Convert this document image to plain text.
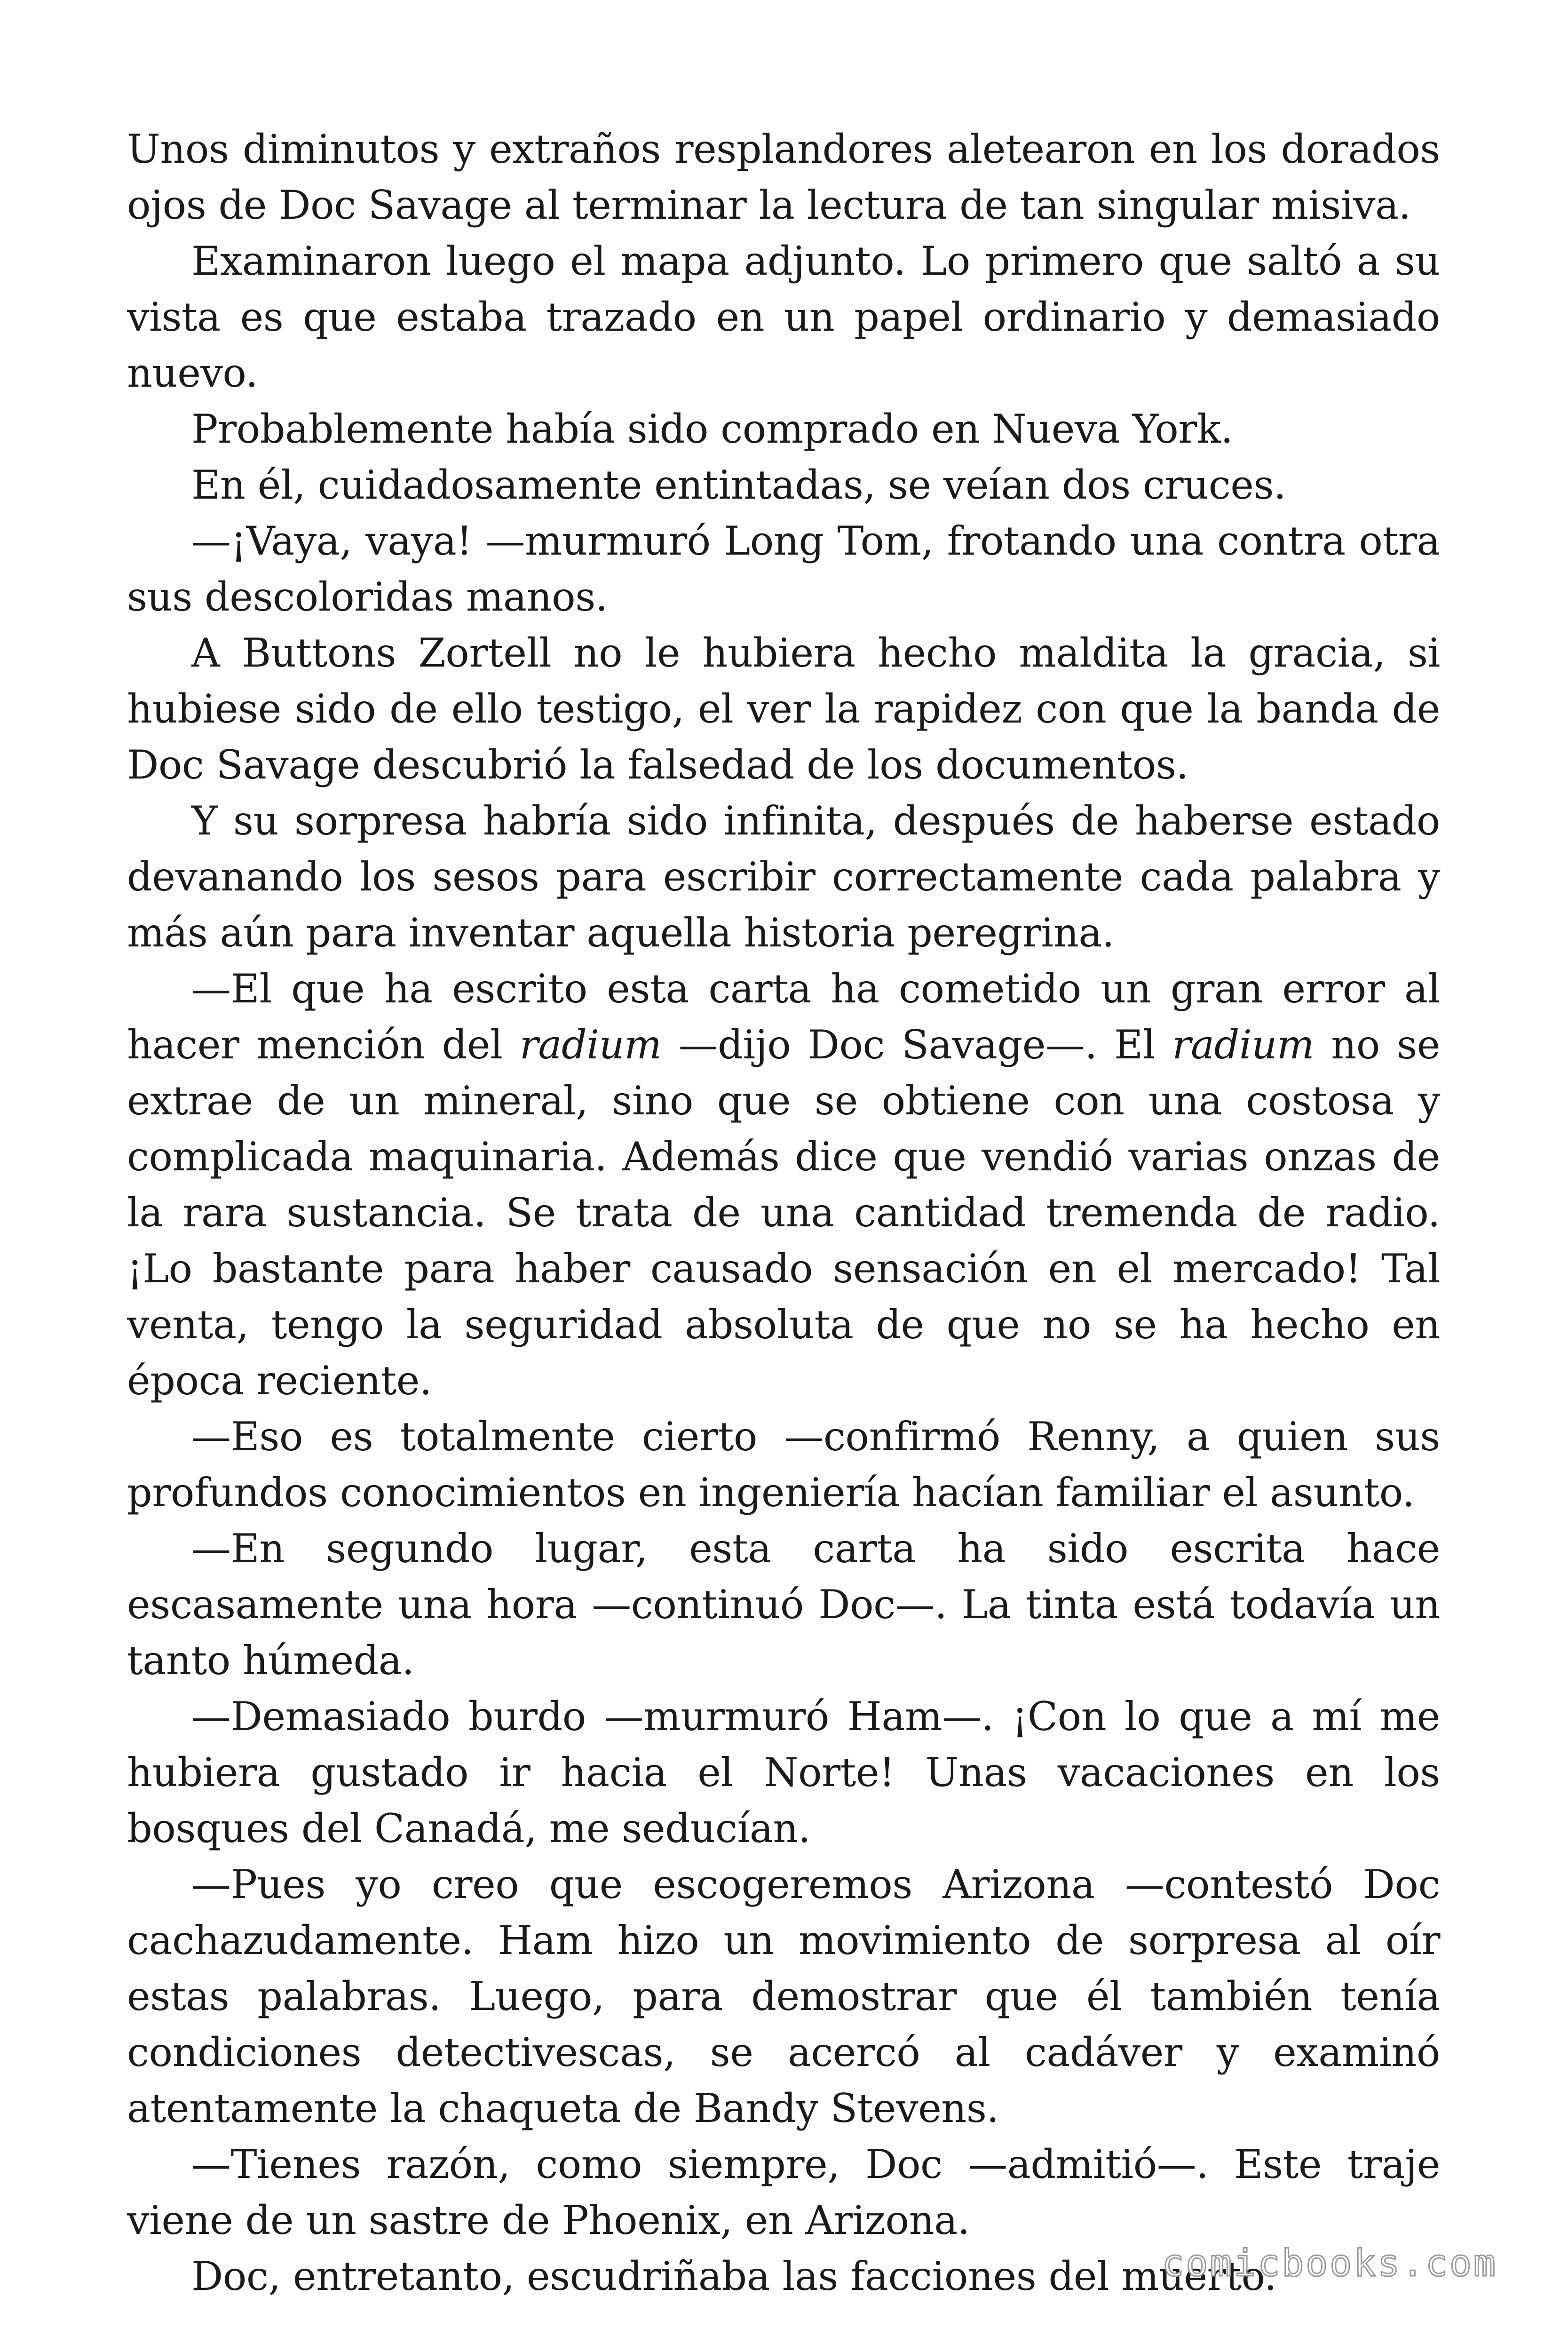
Unos diminutos y extraños resplandores aletearon en los dorados ojos de Doc Savage al terminar la lectura de tan singular misiva.

Examinaron luego el mapa adjunto. Lo primero que saltó a su vista es que estaba trazado en un papel ordinario y demasiado nuevo.

Probablemente había sido comprado en Nueva York.

En él, cuidadosamente entintadas, se veían dos cruces.

—¡Vaya, vaya! —murmuró Long Tom, frotando una contra otra sus descoloridas manos.

A Buttons Zortell no le hubiera hecho maldita la gracia, si hubiese sido de ello testigo, el ver la rapidez con que la banda de Doc Savage descubrió la falsedad de los documentos.

Y su sorpresa habría sido infinita, después de haberse estado devanando los sesos para escribir correctamente cada palabra y más aún para inventar aquella historia peregrina.

—El que ha escrito esta carta ha cometido un gran error al hacer mención del radium —dijo Doc Savage—. El radium no se extrae de un mineral, sino que se obtiene con una costosa y complicada maquinaria. Además dice que vendió varias onzas de la rara sustancia. Se trata de una cantidad tremenda de radio. ¡Lo bastante para haber causado sensación en el mercado! Tal venta, tengo la seguridad absoluta de que no se ha hecho en época reciente.

—Eso es totalmente cierto —confirmó Renny, a quien sus profundos conocimientos en ingeniería hacían familiar el asunto.

—En segundo lugar, esta carta ha sido escrita hace escasamente una hora —continuó Doc—. La tinta está todavía un tanto húmeda.

—Demasiado burdo —murmuró Ham—. ¡Con lo que a mí me hubiera gustado ir hacia el Norte! Unas vacaciones en los bosques del Canadá, me seducían.

—Pues yo creo que escogeremos Arizona —contestó Doc cachazudamente. Ham hizo un movimiento de sorpresa al oír estas palabras. Luego, para demostrar que él también tenía condiciones detectivescas, se acercó al cadáver y examinó atentamente la chaqueta de Bandy Stevens.

—Tienes razón, como siempre, Doc —admitió—. Este traje viene de un sastre de Phoenix, en Arizona.

Doc, entretanto, escudriñaba las facciones del muerto.

comicbooks.com
